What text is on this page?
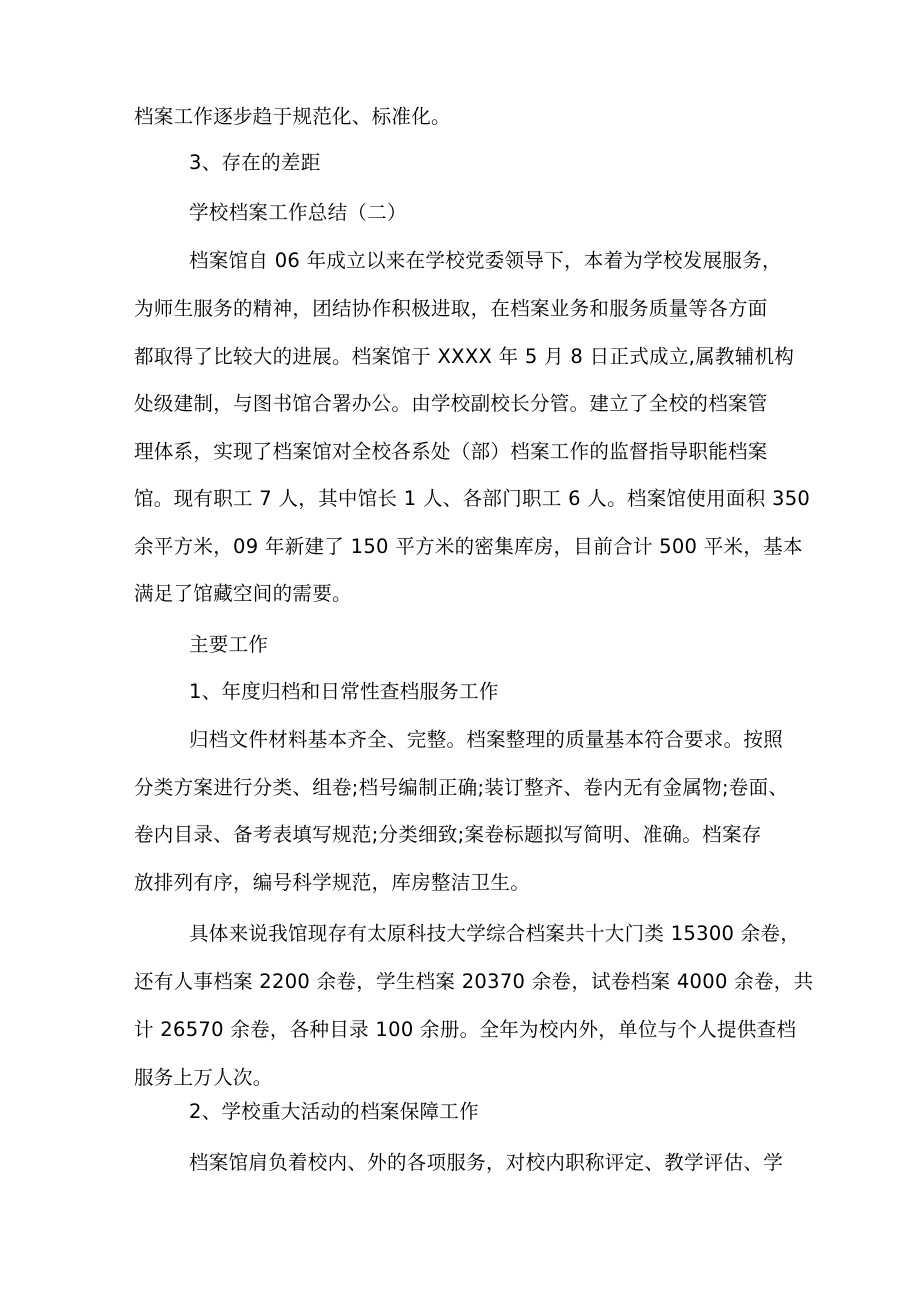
档案工作逐步趋于规范化、标准化。
3、存在的差距
学校档案工作总结（二）
档案馆自 06 年成立以来在学校党委领导下，本着为学校发展服务，
为师生服务的精神，团结协作积极进取，在档案业务和服务质量等各方面
都取得了比较大的进展。档案馆于 XXXX 年 5 月 8 日正式成立,属教辅机构
处级建制，与图书馆合署办公。由学校副校长分管。建立了全校的档案管
理体系，实现了档案馆对全校各系处（部）档案工作的监督指导职能档案
馆。现有职工 7 人，其中馆长 1 人、各部门职工 6 人。档案馆使用面积 350
余平方米，09 年新建了 150 平方米的密集库房，目前合计 500 平米，基本
满足了馆藏空间的需要。
主要工作
1、年度归档和日常性查档服务工作
归档文件材料基本齐全、完整。档案整理的质量基本符合要求。按照
分类方案进行分类、组卷;档号编制正确;装订整齐、卷内无有金属物;卷面、
卷内目录、备考表填写规范;分类细致;案卷标题拟写简明、准确。档案存
放排列有序，编号科学规范，库房整洁卫生。
具体来说我馆现存有太原科技大学综合档案共十大门类 15300 余卷，
还有人事档案 2200 余卷，学生档案 20370 余卷，试卷档案 4000 余卷，共
计 26570 余卷，各种目录 100 余册。全年为校内外，单位与个人提供查档
服务上万人次。
2、学校重大活动的档案保障工作
档案馆肩负着校内、外的各项服务，对校内职称评定、教学评估、学
